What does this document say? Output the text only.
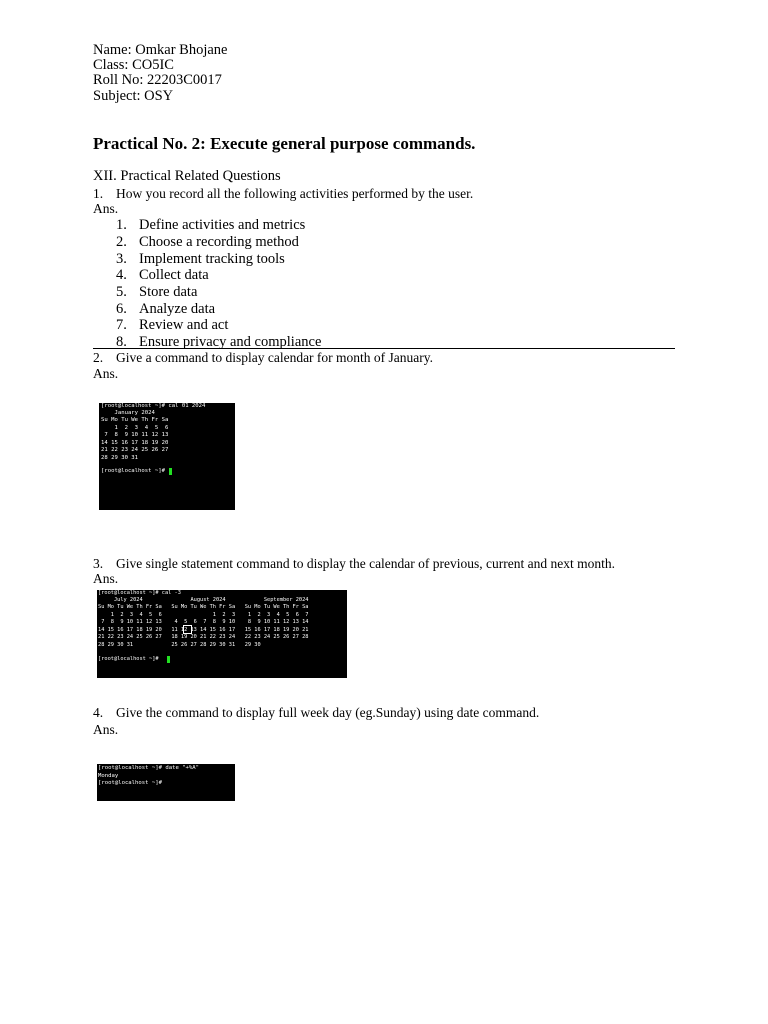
Name: Omkar Bhojane
Class: CO5IC
Roll No: 22203C0017
Subject: OSY
Practical No. 2: Execute general purpose commands.
XII. Practical Related Questions
1. How you record all the following activities performed by the user.
Ans.
1. Define activities and metrics
2. Choose a recording method
3. Implement tracking tools
4. Collect data
5. Store data
6. Analyze data
7. Review and act
8. Ensure privacy and compliance
2. Give a command to display calendar for month of January.
Ans.
[root@localhost ~]# cal 01 2024
January 2024
Su Mo Tu We Th Fr Sa
1  2  3  4  5  6
7  8  9 10 11 12 13
14 15 16 17 18 19 20
21 22 23 24 25 26 27
28 29 30 31
[root@localhost ~]#
3. Give single statement command to display the calendar of previous, current and next month.
Ans.
[root@localhost ~]# cal -3
July 2024               August 2024            September 2024
Su Mo Tu We Th Fr Sa   Su Mo Tu We Th Fr Sa   Su Mo Tu We Th Fr Sa
1  2  3  4  5  6                1  2  3    1  2  3  4  5  6  7
7  8  9 10 11 12 13    4  5  6  7  8  9 10    8  9 10 11 12 13 14
14 15 16 17 18 19 20   11 12 13 14 15 16 17   15 16 17 18 19 20 21
21 22 23 24 25 26 27   18 19 20 21 22 23 24   22 23 24 25 26 27 28
28 29 30 31            25 26 27 28 29 30 31   29 30
[root@localhost ~]#
4. Give the command to display full week day (eg.Sunday) using date command.
Ans.
[root@localhost ~]# date "+%A"
Monday
[root@localhost ~]#
